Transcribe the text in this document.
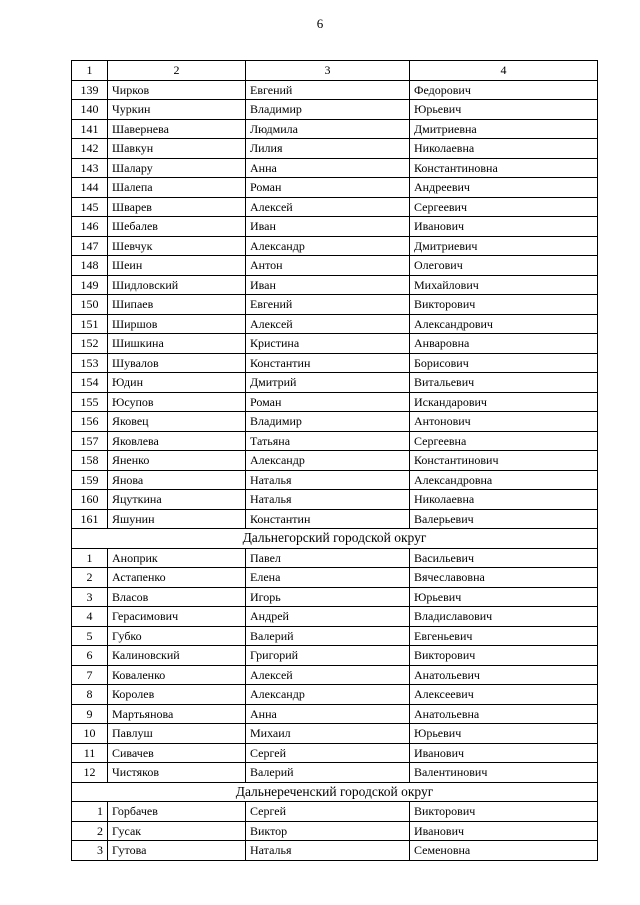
6
1	2	3	4
139	Чирков	Евгений	Федорович
140	Чуркин	Владимир	Юрьевич
141	Шавернева	Людмила	Дмитриевна
142	Шавкун	Лилия	Николаевна
143	Шалару	Анна	Константиновна
144	Шалепа	Роман	Андреевич
145	Шварев	Алексей	Сергеевич
146	Шебалев	Иван	Иванович
147	Шевчук	Александр	Дмитриевич
148	Шеин	Антон	Олегович
149	Шидловский	Иван	Михайлович
150	Шипаев	Евгений	Викторович
151	Ширшов	Алексей	Александрович
152	Шишкина	Кристина	Анваровна
153	Шувалов	Константин	Борисович
154	Юдин	Дмитрий	Витальевич
155	Юсупов	Роман	Искандарович
156	Яковец	Владимир	Антонович
157	Яковлева	Татьяна	Сергеевна
158	Яненко	Александр	Константинович
159	Янова	Наталья	Александровна
160	Яцуткина	Наталья	Николаевна
161	Яшунин	Константин	Валерьевич
Дальнегорский городской округ			
1	Аноприк	Павел	Васильевич
2	Астапенко	Елена	Вячеславовна
3	Власов	Игорь	Юрьевич
4	Герасимович	Андрей	Владиславович
5	Губко	Валерий	Евгеньевич
6	Калиновский	Григорий	Викторович
7	Коваленко	Алексей	Анатольевич
8	Королев	Александр	Алексеевич
9	Мартьянова	Анна	Анатольевна
10	Павлуш	Михаил	Юрьевич
11	Сивачев	Сергей	Иванович
12	Чистяков	Валерий	Валентинович
Дальнереченский городской округ			
1	Горбачев	Сергей	Викторович
2	Гусак	Виктор	Иванович
3	Гутова	Наталья	Семеновна
